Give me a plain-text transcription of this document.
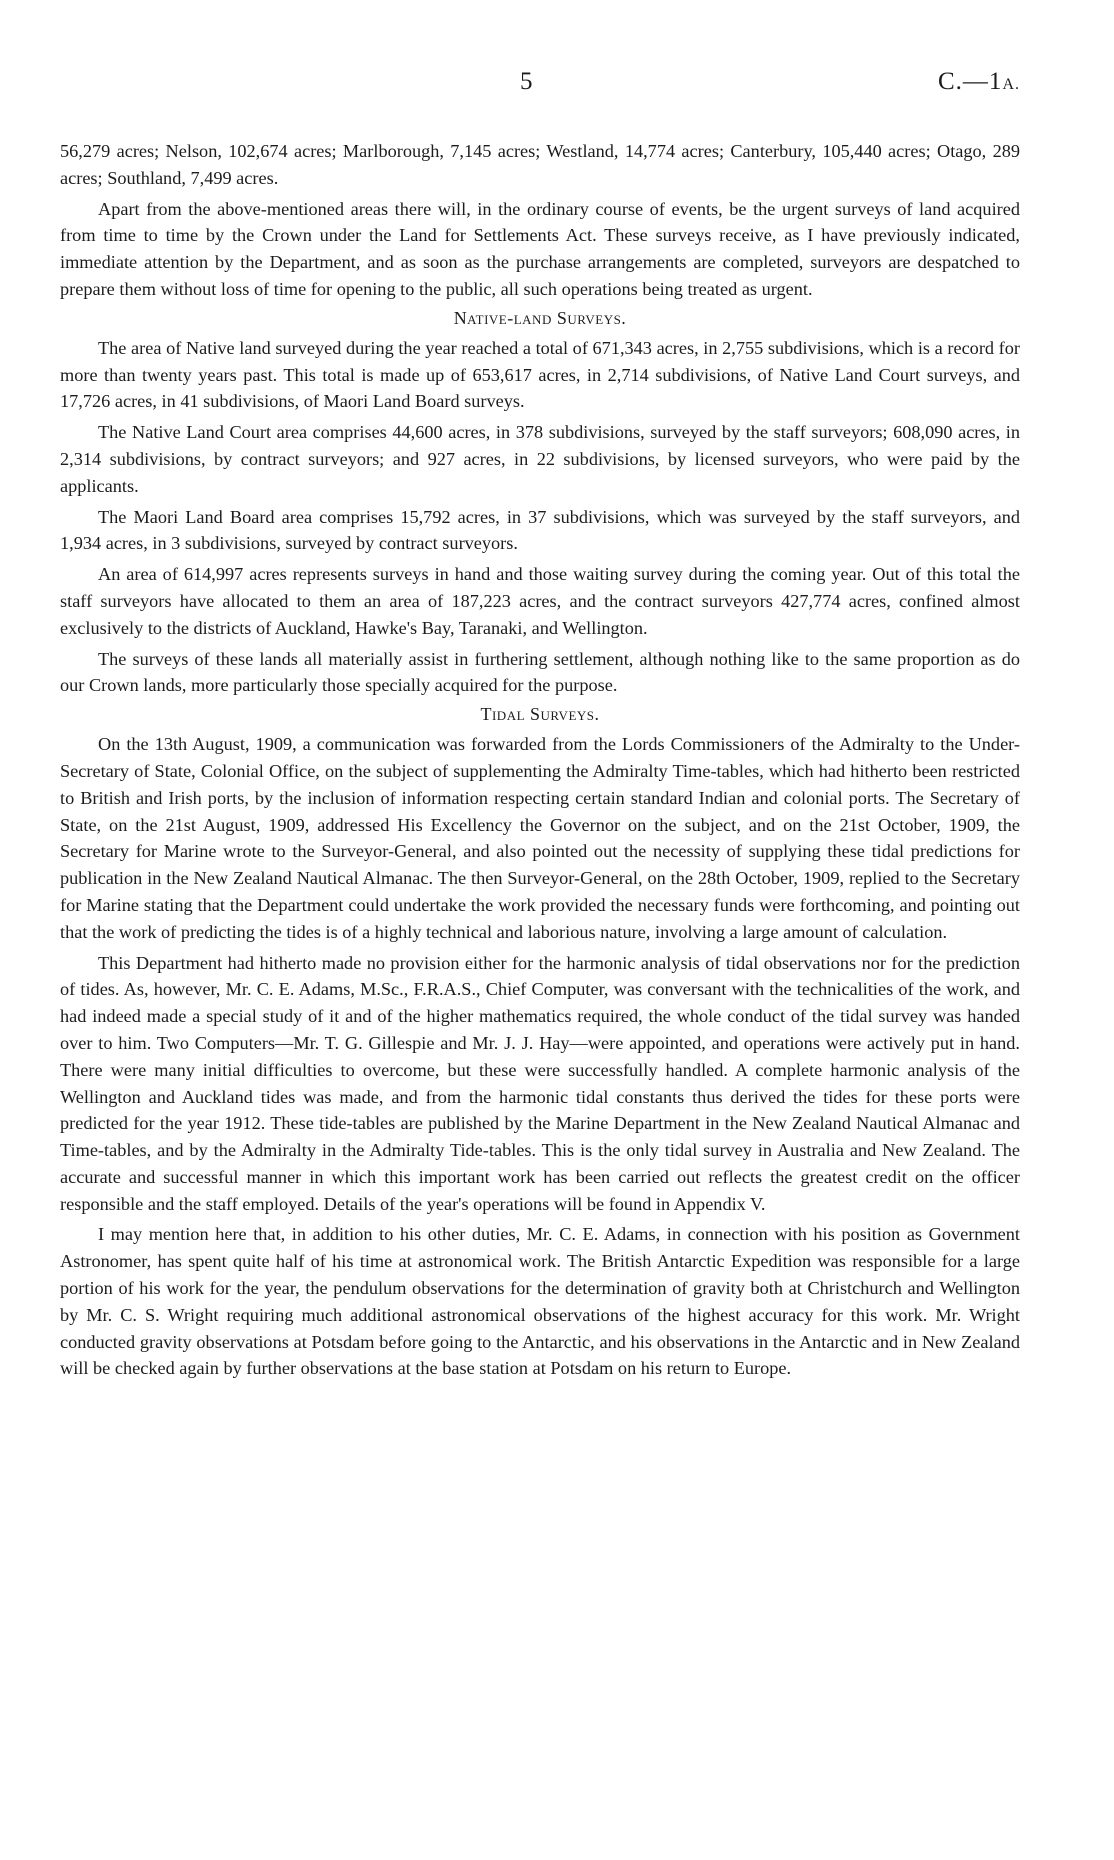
5	C.—1A.

56,279 acres; Nelson, 102,674 acres; Marlborough, 7,145 acres; Westland, 14,774 acres; Canterbury, 105,440 acres; Otago, 289 acres; Southland, 7,499 acres.

Apart from the above-mentioned areas there will, in the ordinary course of events, be the urgent surveys of land acquired from time to time by the Crown under the Land for Settlements Act. These surveys receive, as I have previously indicated, immediate attention by the Department, and as soon as the purchase arrangements are completed, surveyors are despatched to prepare them without loss of time for opening to the public, all such operations being treated as urgent.

Native-land Surveys.

The area of Native land surveyed during the year reached a total of 671,343 acres, in 2,755 subdivisions, which is a record for more than twenty years past. This total is made up of 653,617 acres, in 2,714 subdivisions, of Native Land Court surveys, and 17,726 acres, in 41 subdivisions, of Maori Land Board surveys.

The Native Land Court area comprises 44,600 acres, in 378 subdivisions, surveyed by the staff surveyors; 608,090 acres, in 2,314 subdivisions, by contract surveyors; and 927 acres, in 22 subdivisions, by licensed surveyors, who were paid by the applicants.

The Maori Land Board area comprises 15,792 acres, in 37 subdivisions, which was surveyed by the staff surveyors, and 1,934 acres, in 3 subdivisions, surveyed by contract surveyors.

An area of 614,997 acres represents surveys in hand and those waiting survey during the coming year. Out of this total the staff surveyors have allocated to them an area of 187,223 acres, and the contract surveyors 427,774 acres, confined almost exclusively to the districts of Auckland, Hawke's Bay, Taranaki, and Wellington.

The surveys of these lands all materially assist in furthering settlement, although nothing like to the same proportion as do our Crown lands, more particularly those specially acquired for the purpose.

Tidal Surveys.

On the 13th August, 1909, a communication was forwarded from the Lords Commissioners of the Admiralty to the Under-Secretary of State, Colonial Office, on the subject of supplementing the Admiralty Time-tables, which had hitherto been restricted to British and Irish ports, by the inclusion of information respecting certain standard Indian and colonial ports. The Secretary of State, on the 21st August, 1909, addressed His Excellency the Governor on the subject, and on the 21st October, 1909, the Secretary for Marine wrote to the Surveyor-General, and also pointed out the necessity of supplying these tidal predictions for publication in the New Zealand Nautical Almanac. The then Surveyor-General, on the 28th October, 1909, replied to the Secretary for Marine stating that the Department could undertake the work provided the necessary funds were forthcoming, and pointing out that the work of predicting the tides is of a highly technical and laborious nature, involving a large amount of calculation.

This Department had hitherto made no provision either for the harmonic analysis of tidal observations nor for the prediction of tides. As, however, Mr. C. E. Adams, M.Sc., F.R.A.S., Chief Computer, was conversant with the technicalities of the work, and had indeed made a special study of it and of the higher mathematics required, the whole conduct of the tidal survey was handed over to him. Two Computers—Mr. T. G. Gillespie and Mr. J. J. Hay—were appointed, and operations were actively put in hand. There were many initial difficulties to overcome, but these were successfully handled. A complete harmonic analysis of the Wellington and Auckland tides was made, and from the harmonic tidal constants thus derived the tides for these ports were predicted for the year 1912. These tide-tables are published by the Marine Department in the New Zealand Nautical Almanac and Time-tables, and by the Admiralty in the Admiralty Tide-tables. This is the only tidal survey in Australia and New Zealand. The accurate and successful manner in which this important work has been carried out reflects the greatest credit on the officer responsible and the staff employed. Details of the year's operations will be found in Appendix V.

I may mention here that, in addition to his other duties, Mr. C. E. Adams, in connection with his position as Government Astronomer, has spent quite half of his time at astronomical work. The British Antarctic Expedition was responsible for a large portion of his work for the year, the pendulum observations for the determination of gravity both at Christchurch and Wellington by Mr. C. S. Wright requiring much additional astronomical observations of the highest accuracy for this work. Mr. Wright conducted gravity observations at Potsdam before going to the Antarctic, and his observations in the Antarctic and in New Zealand will be checked again by further observations at the base station at Potsdam on his return to Europe.
